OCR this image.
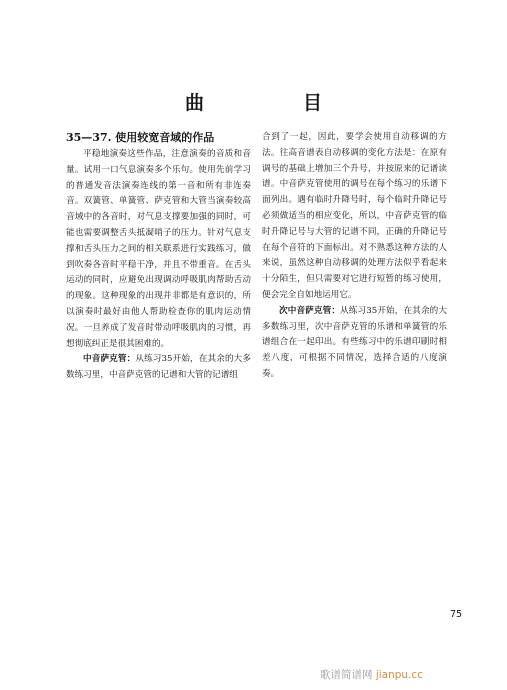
曲　目
35—37. 使用较宽音域的作品

平稳地演奏这些作品，注意演奏的音质和音量。试用一口气息演奏多个乐句。使用先前学习的普通发音法演奏连线的第一音和所有非连奏音。双簧管、单簧管、萨克管和大管当演奏较高音域中的各音时，对气息支撑要加强的同时，可能也需要调整舌头抵凝哨子的压力。针对气息支撑和舌头压力之间的相关联系进行实践练习，做到吹奏各音时平稳干净，并且不带重音。在舌头运动的同时，应避免出现调动呼吸肌肉帮助舌动的现象。这种现象的出现并非都是有意识的，所以演奏时最好由他人帮助检查你的肌肉运动情况。一旦养成了发音时带动呼吸肌肉的习惯，再想彻底纠正是很其困难的。

中音萨克管：从练习35开始，在其余的大多数练习里，中音萨克管的记谱和大管的记谱组

合到了一起，因此，要学会使用自动移调的方法。往高音谱表自动移调的变化方法是：在原有调号的基础上增加三个升号，并按原来的记谱读谱。中音萨克管使用的调号在每个练习的乐谱下面列出。遇有临时升降号时，每个临时升降记号必须做适当的相应变化，所以，中音萨克管的临时升降记号与大管的记谱不同，正确的升降记号在每个音符的下面标出。对不熟悉这种方法的人来说，虽然这种自动移调的处理方法似乎看起来十分陌生，但只需要对它进行短暂的练习使用，便会完全自如地运用它。

次中音萨克管：从练习35开始，在其余的大多数练习里，次中音萨克管的乐谱和单簧管的乐谱组合在一起印出。有些练习中的乐谱印刷时相差八度，可根据不同情况，选择合适的八度演奏。

75
歌谱简谱网 jianpu.cc
